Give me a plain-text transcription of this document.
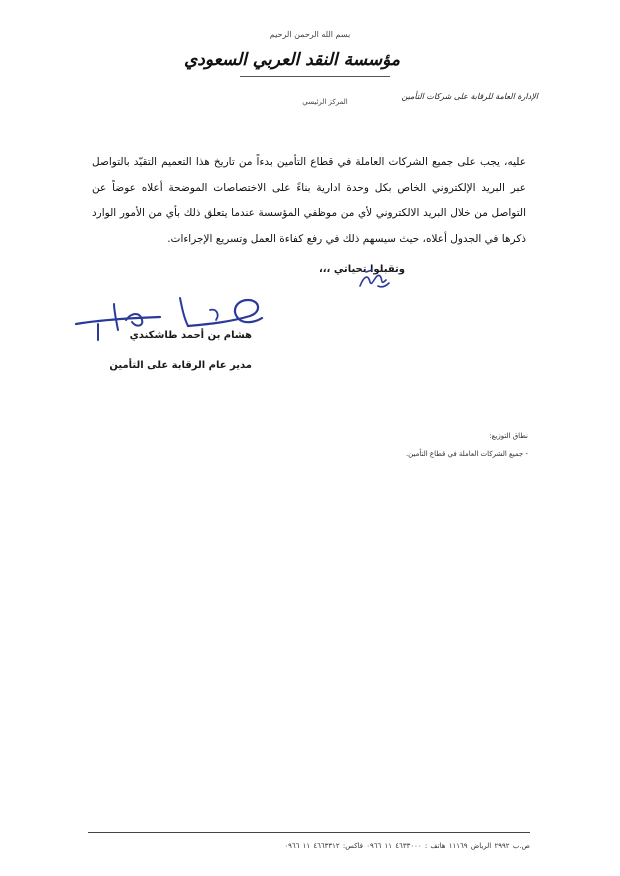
بسم الله الرحمن الرحيم
مؤسسة النقد العربي السعودي
المركز الرئيسي
الإدارة العامة للرقابة على شركات التأمين
عليه، يجب على جميع الشركات العاملة في قطاع التأمين بدءاً من تاريخ هذا التعميم التقيّد بالتواصل عبر البريد الإلكتروني الخاص بكل وحدة ادارية بناءً على الاختصاصات الموضحة أعلاه عوضاً عن التواصل من خلال البريد الالكتروني لأي من موظفي المؤسسة عندما يتعلق ذلك بأي من الأمور الوارد ذكرها في الجدول أعلاه، حيث سيسهم ذلك في رفع كفاءة العمل وتسريع الإجراءات.
وتقبلوا تحياتي ،،،
هشام بن أحمد طاشكندي
مدير عام الرقابة على التأمين
نطاق التوزيع:
- جميع الشركات العاملة في قطاع التأمين.
ص.ب ٢٩٩٢ الرياض ١١١٦٩ هاتف : ٤٦٣٣٠٠٠ ١١ ٠٩٦٦ فاكس: ٤٦٦٣٣١٢ ١١ ٠٩٦٦
